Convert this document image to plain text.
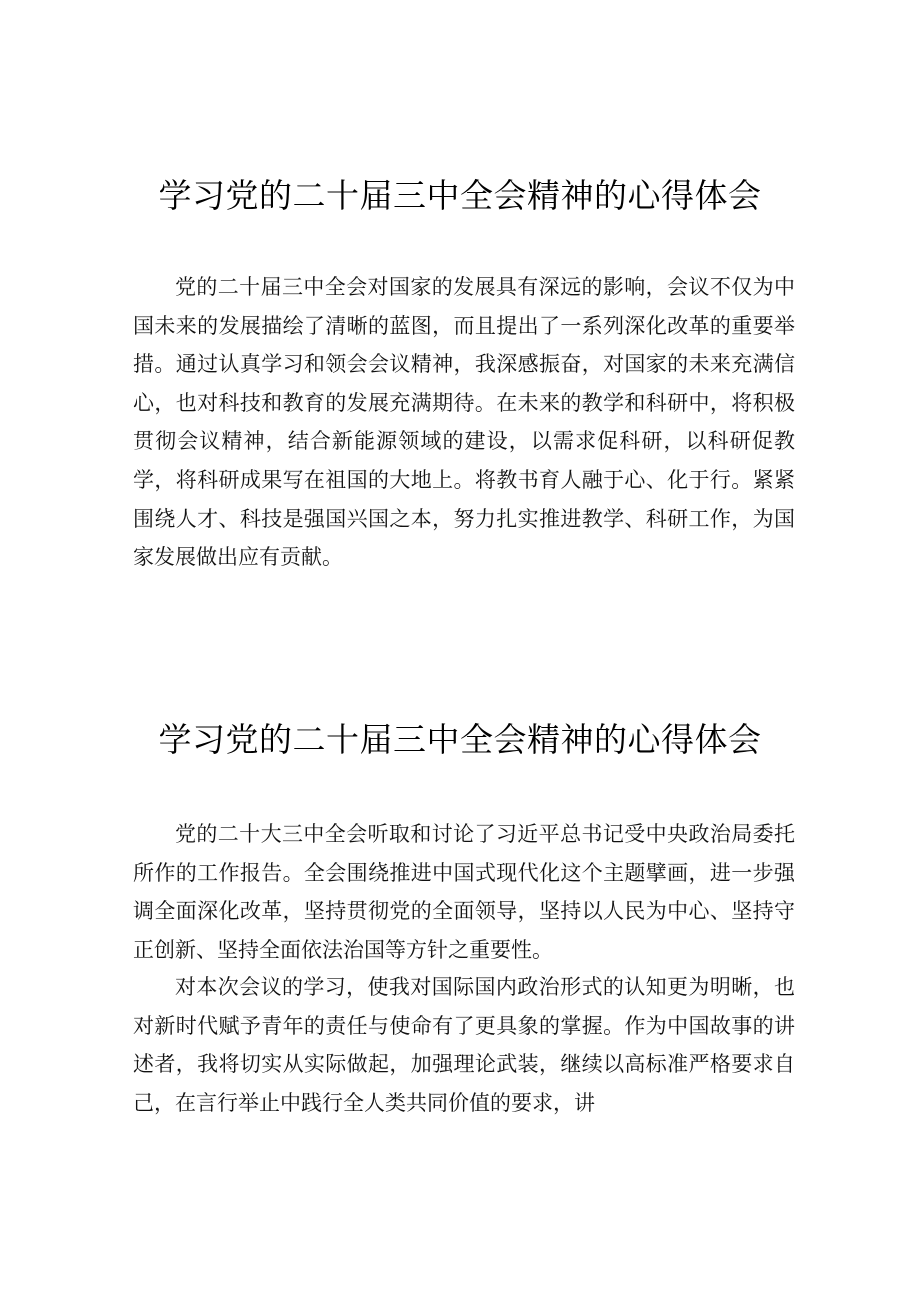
学习党的二十届三中全会精神的心得体会

党的二十届三中全会对国家的发展具有深远的影响，会议不仅为中国未来的发展描绘了清晰的蓝图，而且提出了一系列深化改革的重要举措。通过认真学习和领会会议精神，我深感振奋，对国家的未来充满信心，也对科技和教育的发展充满期待。在未来的教学和科研中，将积极贯彻会议精神，结合新能源领域的建设，以需求促科研，以科研促教学，将科研成果写在祖国的大地上。将教书育人融于心、化于行。紧紧围绕人才、科技是强国兴国之本，努力扎实推进教学、科研工作，为国家发展做出应有贡献。

学习党的二十届三中全会精神的心得体会

党的二十大三中全会听取和讨论了习近平总书记受中央政治局委托所作的工作报告。全会围绕推进中国式现代化这个主题擘画，进一步强调全面深化改革，坚持贯彻党的全面领导，坚持以人民为中心、坚持守正创新、坚持全面依法治国等方针之重要性。

对本次会议的学习，使我对国际国内政治形式的认知更为明晰，也对新时代赋予青年的责任与使命有了更具象的掌握。作为中国故事的讲述者，我将切实从实际做起，加强理论武装，继续以高标准严格要求自己，在言行举止中践行全人类共同价值的要求，讲
